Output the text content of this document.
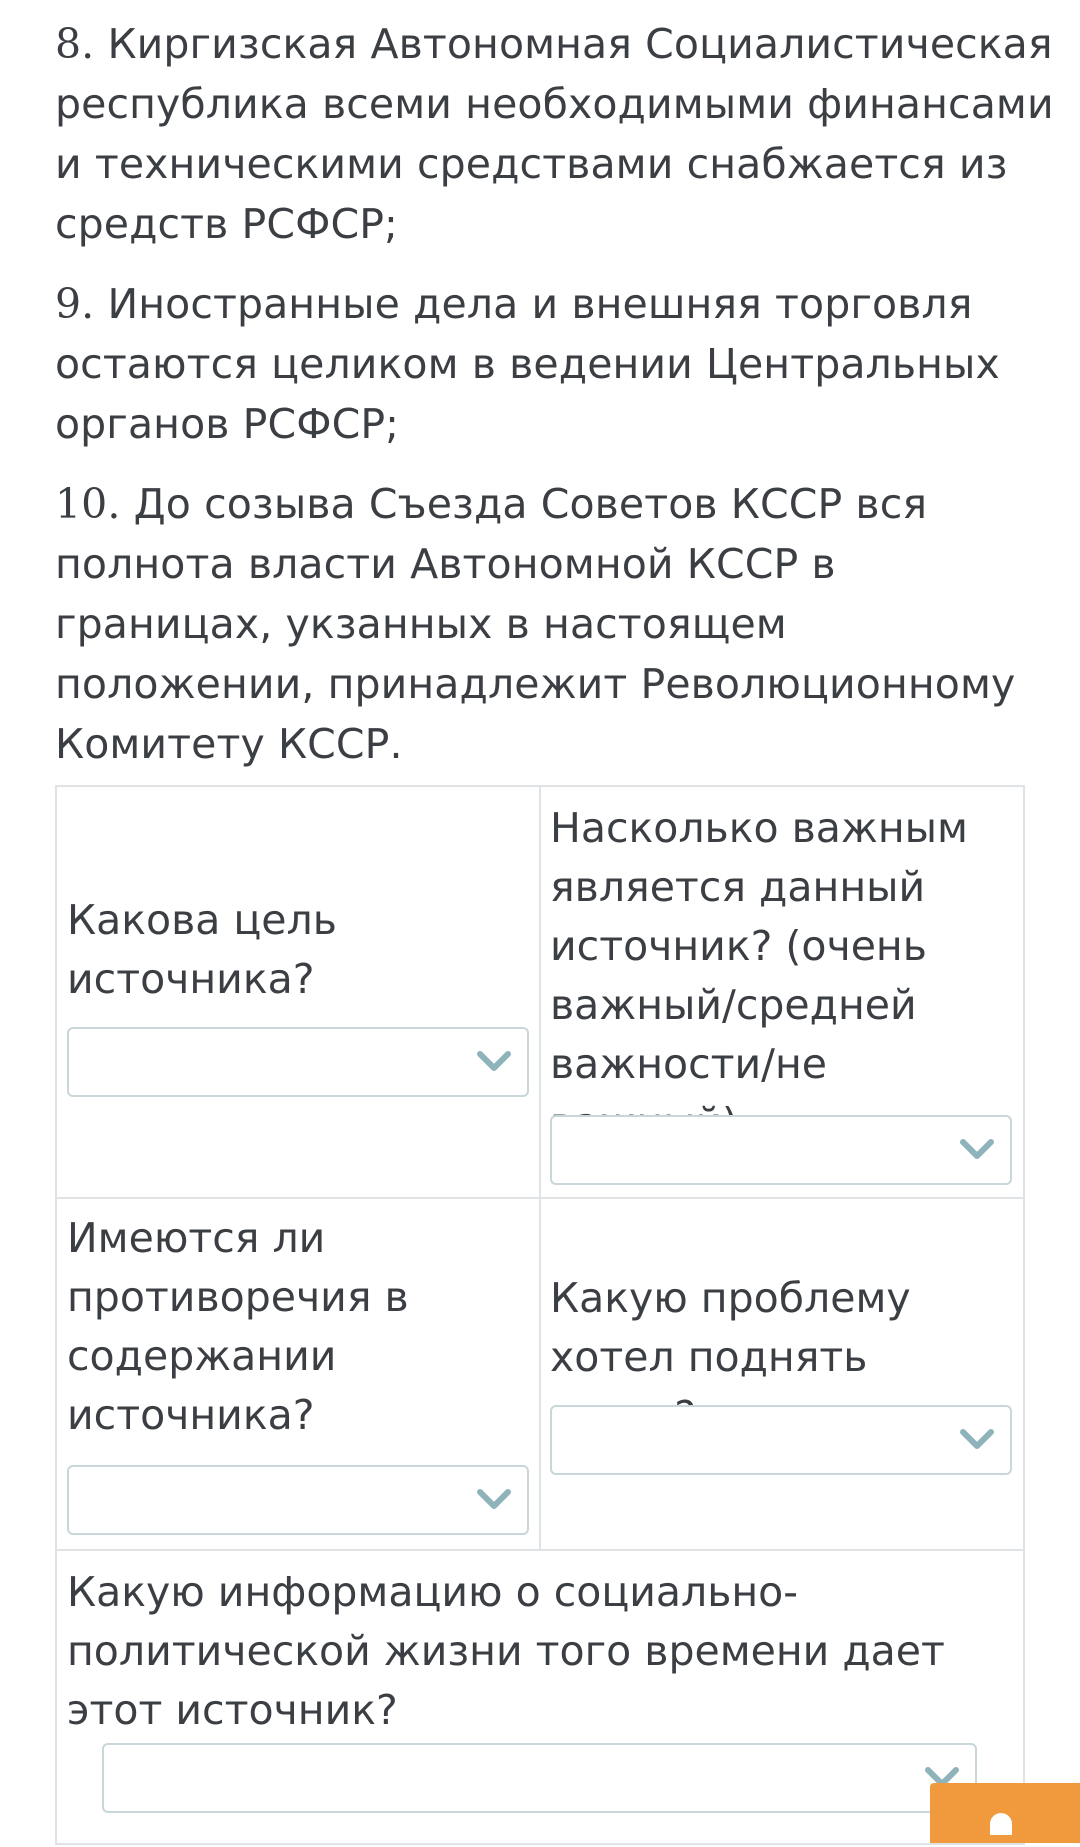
8. Киргизская Автономная Социалистическая республика всеми необходимыми финансами и техническими средствами снабжается из средств РСФСР;

9. Иностранные дела и внешняя торговля остаются целиком в ведении Центральных органов РСФСР;

10. До созыва Съезда Советов КССР вся полнота власти Автономной КССР в границах, укзанных в настоящем положении, принадлежит Революционному Комитету КССР.

Какова цель источника?

Насколько важным является данный источник? (очень важный/средней важности/не

Имеются ли противоречия в содержании источника?

Какую проблему хотел поднять

Какую информацию о социально-политической жизни того времени дает этот источник?
